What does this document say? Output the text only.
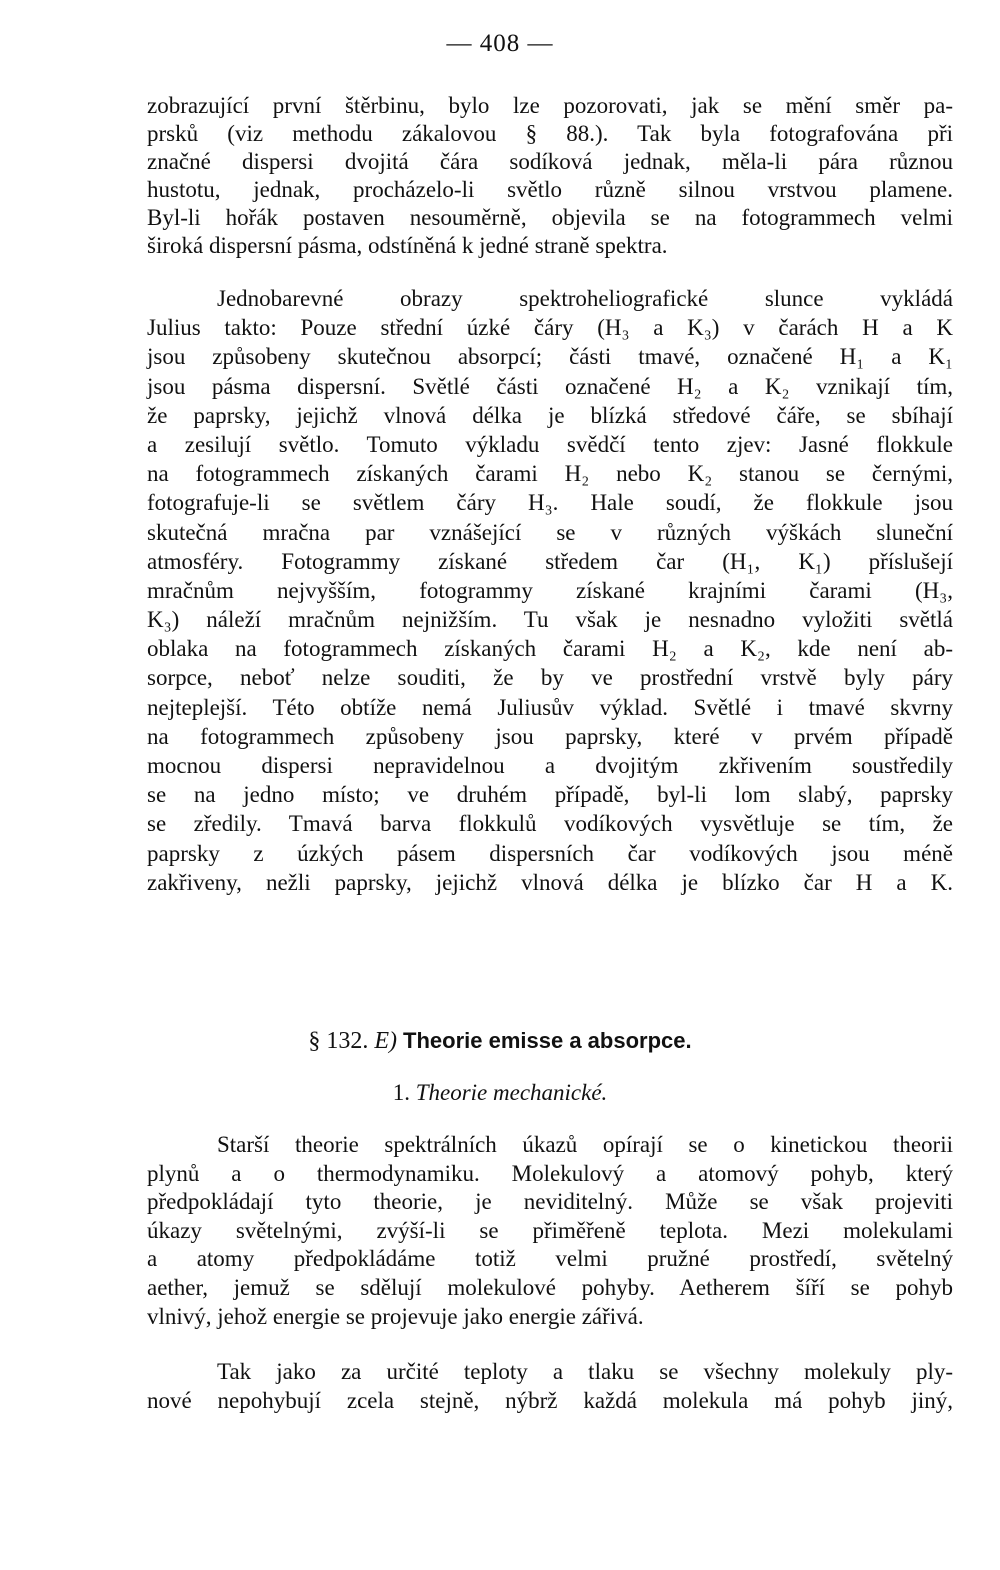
— 408 —
zobrazující první štěrbinu, bylo lze pozorovati, jak se mění směr pa-
prsků (viz methodu zákalovou § 88.). Tak byla fotografována při
značné dispersi dvojitá čára sodíková jednak, měla-li pára různou
hustotu, jednak, procházelo-li světlo různě silnou vrstvou plamene.
Byl-li hořák postaven nesouměrně, objevila se na fotogrammech velmi
široká dispersní pásma, odstíněná k jedné straně spektra.
Jednobarevné obrazy spektroheliografické slunce vykládá
Julius takto: Pouze střední úzké čáry (H₃ a K₃) v čarách H a K
jsou způsobeny skutečnou absorpcí; části tmavé, označené H₁ a K₁
jsou pásma dispersní. Světlé části označené H₂ a K₂ vznikají tím,
že paprsky, jejichž vlnová délka je blízká středové čáře, se sbíhají
a zesilují světlo. Tomuto výkladu svědčí tento zjev: Jasné flokkule
na fotogrammech získaných čarami H₂ nebo K₂ stanou se černými,
fotografuje-li se světlem čáry H₃. Hale soudí, že flokkule jsou
skutečná mračna par vznášející se v různých výškách sluneční
atmosféry. Fotogrammy získané středem čar (H₁, K₁) příslušejí
mračnům nejvyšším, fotogrammy získané krajními čarami (H₃,
K₃) náleží mračnům nejnižším. Tu však je nesnadno vyložiti světlá
oblaka na fotogrammech získaných čarami H₂ a K₂, kde není ab-
sorpce, neboť nelze souditi, že by ve prostřední vrstvě byly páry
nejteplejší. Této obtíže nemá Juliusův výklad. Světlé i tmavé skvrny
na fotogrammech způsobeny jsou paprsky, které v prvém případě
mocnou dispersi nepravidelnou a dvojitým zkřivením soustředily
se na jedno místo; ve druhém případě, byl-li lom slabý, paprsky
se zředily. Tmavá barva flokkulů vodíkových vysvětluje se tím, že
paprsky z úzkých pásem dispersních čar vodíkových jsou méně
zakřiveny, nežli paprsky, jejichž vlnová délka je blízko čar H a K.
§ 132. E) Theorie emisse a absorpce.
1. Theorie mechanické.
Starší theorie spektrálních úkazů opírají se o kinetickou theorii
plynů a o thermodynamiku. Molekulový a atomový pohyb, který
předpokládají tyto theorie, je neviditelný. Může se však projeviti
úkazy světelnými, zvýší-li se přiměřeně teplota. Mezi molekulami
a atomy předpokládáme totiž velmi pružné prostředí, světelný
aether, jemuž se sdělují molekulové pohyby. Aetherem šíří se pohyb
vlnivý, jehož energie se projevuje jako energie zářivá.
Tak jako za určité teploty a tlaku se všechny molekuly ply-
nové nepohybují zcela stejně, nýbrž každá molekula má pohyb jiný,
